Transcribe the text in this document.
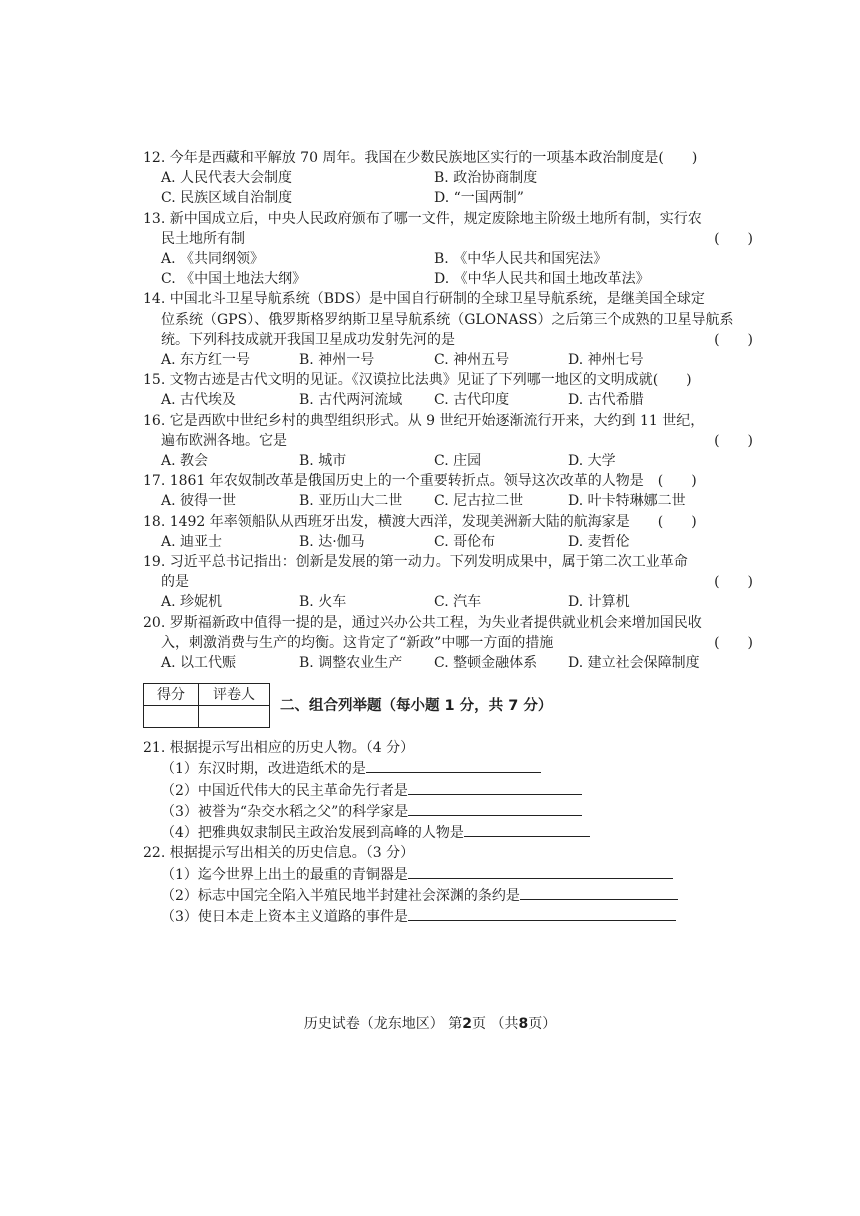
12. 今年是西藏和平解放 70 周年。我国在少数民族地区实行的一项基本政治制度是(　　)
A. 人民代表大会制度	B. 政治协商制度
C. 民族区域自治制度	D. “一国两制”
13. 新中国成立后，中央人民政府颁布了哪一文件，规定废除地主阶级土地所有制，实行农
民土地所有制	(　　)
A. 《共同纲领》	B. 《中华人民共和国宪法》
C. 《中国土地法大纲》	D. 《中华人民共和国土地改革法》
14. 中国北斗卫星导航系统（BDS）是中国自行研制的全球卫星导航系统，是继美国全球定
位系统（GPS）、俄罗斯格罗纳斯卫星导航系统（GLONASS）之后第三个成熟的卫星导航系
统。下列科技成就开我国卫星成功发射先河的是	(　　)
A. 东方红一号	B. 神州一号	C. 神州五号	D. 神州七号
15. 文物古迹是古代文明的见证。《汉谟拉比法典》见证了下列哪一地区的文明成就(　　)
A. 古代埃及	B. 古代两河流域	C. 古代印度	D. 古代希腊
16. 它是西欧中世纪乡村的典型组织形式。从 9 世纪开始逐渐流行开来，大约到 11 世纪，
遍布欧洲各地。它是	(　　)
A. 教会	B. 城市	C. 庄园	D. 大学
17. 1861 年农奴制改革是俄国历史上的一个重要转折点。领导这次改革的人物是　(　　)
A. 彼得一世	B. 亚历山大二世	C. 尼古拉二世	D. 叶卡特琳娜二世
18. 1492 年率领船队从西班牙出发，横渡大西洋，发现美洲新大陆的航海家是　　(　　)
A. 迪亚士	B. 达·伽马	C. 哥伦布	D. 麦哲伦
19. 习近平总书记指出：创新是发展的第一动力。下列发明成果中，属于第二次工业革命
的是	(　　)
A. 珍妮机	B. 火车	C. 汽车	D. 计算机
20. 罗斯福新政中值得一提的是，通过兴办公共工程，为失业者提供就业机会来增加国民收
入，刺激消费与生产的均衡。这肯定了“新政”中哪一方面的措施	(　　)
A. 以工代赈	B. 调整农业生产	C. 整顿金融体系	D. 建立社会保障制度
得分	评卷人

二、组合列举题（每小题 1 分，共 7 分）
21. 根据提示写出相应的历史人物。（4 分）
（1）东汉时期，改进造纸术的是
（2）中国近代伟大的民主革命先行者是
（3）被誉为“杂交水稻之父”的科学家是
（4）把雅典奴隶制民主政治发展到高峰的人物是
22. 根据提示写出相关的历史信息。（3 分）
（1）迄今世界上出土的最重的青铜器是
（2）标志中国完全陷入半殖民地半封建社会深渊的条约是
（3）使日本走上资本主义道路的事件是
历史试卷（龙东地区） 第2页 （共8页）
